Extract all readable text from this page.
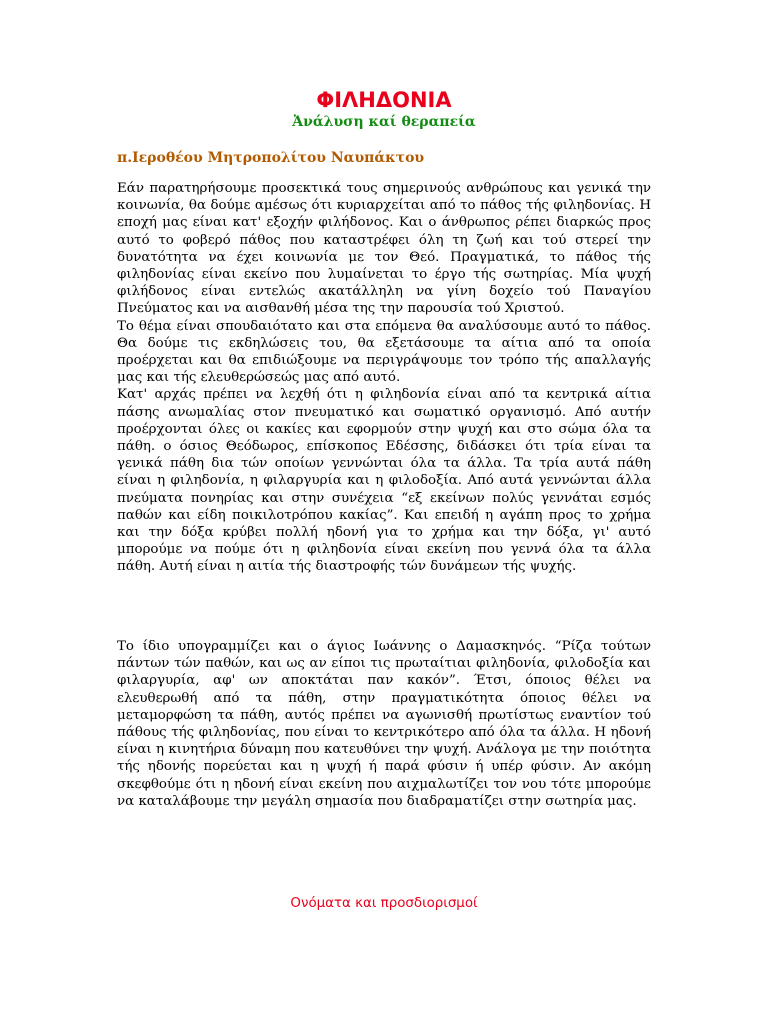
ΦΙΛΗΔΟΝΙΑ
Ἀνάλυση καί θεραπεία
π.Ιεροθέου Μητροπολίτου Ναυπάκτου

Εάν παρατηρήσουμε προσεκτικά τους σημερινούς ανθρώπους και γενικά την κοινωνία, θα δούμε αμέσως ότι κυριαρχείται από το πάθος τής φιληδονίας. Η εποχή μας είναι κατ' εξοχήν φιλήδονος. Και ο άνθρωπος ρέπει διαρκώς προς αυτό το φοβερό πάθος που καταστρέφει όλη τη ζωή και τού στερεί την δυνατότητα να έχει κοινωνία με τον Θεό. Πραγματικά, το πάθος τής φιληδονίας είναι εκείνο που λυμαίνεται το έργο τής σωτηρίας. Μία ψυχή φιλήδονος είναι εντελώς ακατάλληλη να γίνη δοχείο τού Παναγίου Πνεύματος και να αισθανθή μέσα της την παρουσία τού Χριστού.

Το θέμα είναι σπουδαιότατο και στα επόμενα θα αναλύσουμε αυτό το πάθος. Θα δούμε τις εκδηλώσεις του, θα εξετάσουμε τα αίτια από τα οποία προέρχεται και θα επιδιώξουμε να περιγράψουμε τον τρόπο τής απαλλαγής μας και τής ελευθερώσεώς μας από αυτό.

Κατ' αρχάς πρέπει να λεχθή ότι η φιληδονία είναι από τα κεντρικά αίτια πάσης ανωμαλίας στον πνευματικό και σωματικό οργανισμό. Από αυτήν προέρχονται όλες οι κακίες και εφορμούν στην ψυχή και στο σώμα όλα τα πάθη. ο όσιος Θεόδωρος, επίσκοπος Εδέσσης, διδάσκει ότι τρία είναι τα γενικά πάθη δια τών οποίων γεννώνται όλα τα άλλα. Τα τρία αυτά πάθη είναι η φιληδονία, η φιλαργυρία και η φιλοδοξία. Από αυτά γεννώνται άλλα πνεύματα πονηρίας και στην συνέχεια “εξ εκείνων πολύς γεννάται εσμός παθών και είδη ποικιλοτρόπου κακίας”. Και επειδή η αγάπη προς το χρήμα και την δόξα κρύβει πολλή ηδονή για το χρήμα και την δόξα, γι' αυτό μπορούμε να πούμε ότι η φιληδονία είναι εκείνη που γεννά όλα τα άλλα πάθη. Αυτή είναι η αιτία τής διαστροφής τών δυνάμεων τής ψυχής.

Το ίδιο υπογραμμίζει και ο άγιος Ιωάννης ο Δαμασκηνός. “Ρίζα τούτων πάντων τών παθών, και ως αν είποι τις πρωταίτιαι φιληδονία, φιλοδοξία και φιλαργυρία, αφ' ων αποκτάται παν κακόν”. Έτσι, όποιος θέλει να ελευθερωθή από τα πάθη, στην πραγματικότητα όποιος θέλει να μεταμορφώση τα πάθη, αυτός πρέπει να αγωνισθή πρωτίστως εναντίον τού πάθους τής φιληδονίας, που είναι το κεντρικότερο από όλα τα άλλα. Η ηδονή είναι η κινητήρια δύναμη που κατευθύνει την ψυχή. Ανάλογα με την ποιότητα τής ηδονής πορεύεται και η ψυχή ή παρά φύσιν ή υπέρ φύσιν. Αν ακόμη σκεφθούμε ότι η ηδονή είναι εκείνη που αιχμαλωτίζει τον νου τότε μπορούμε να καταλάβουμε την μεγάλη σημασία που διαδραματίζει στην σωτηρία μας.

Ονόματα και προσδιορισμοί
